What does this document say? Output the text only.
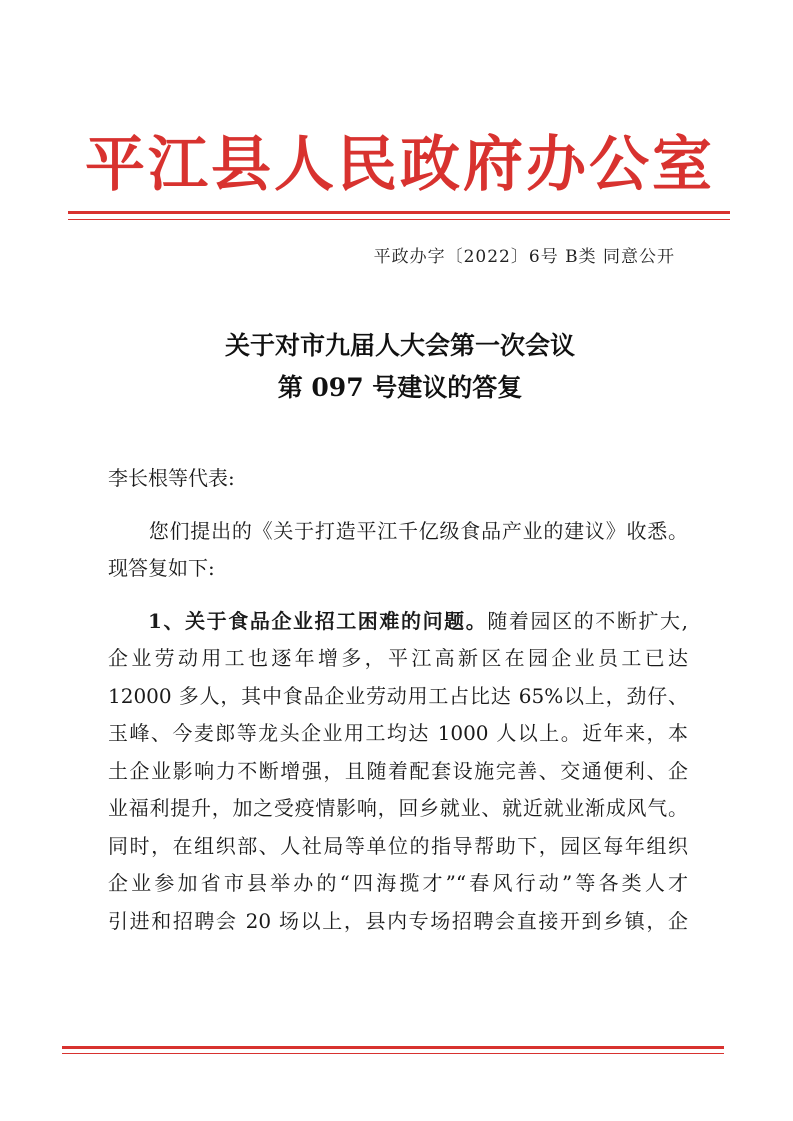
平江县人民政府办公室
平政办字〔2022〕6号 B类 同意公开
关于对市九届人大会第一次会议
第 097 号建议的答复
李长根等代表:
您们提出的《关于打造平江千亿级食品产业的建议》收悉。
现答复如下:
1、关于食品企业招工困难的问题。随着园区的不断扩大,
企业劳动用工也逐年增多，平江高新区在园企业员工已达
12000 多人，其中食品企业劳动用工占比达 65%以上，劲仔、
玉峰、今麦郎等龙头企业用工均达 1000 人以上。近年来，本
土企业影响力不断增强，且随着配套设施完善、交通便利、企
业福利提升，加之受疫情影响，回乡就业、就近就业渐成风气。
同时，在组织部、人社局等单位的指导帮助下，园区每年组织
企业参加省市县举办的“四海揽才”“春风行动”等各类人才
引进和招聘会 20 场以上，县内专场招聘会直接开到乡镇，企
